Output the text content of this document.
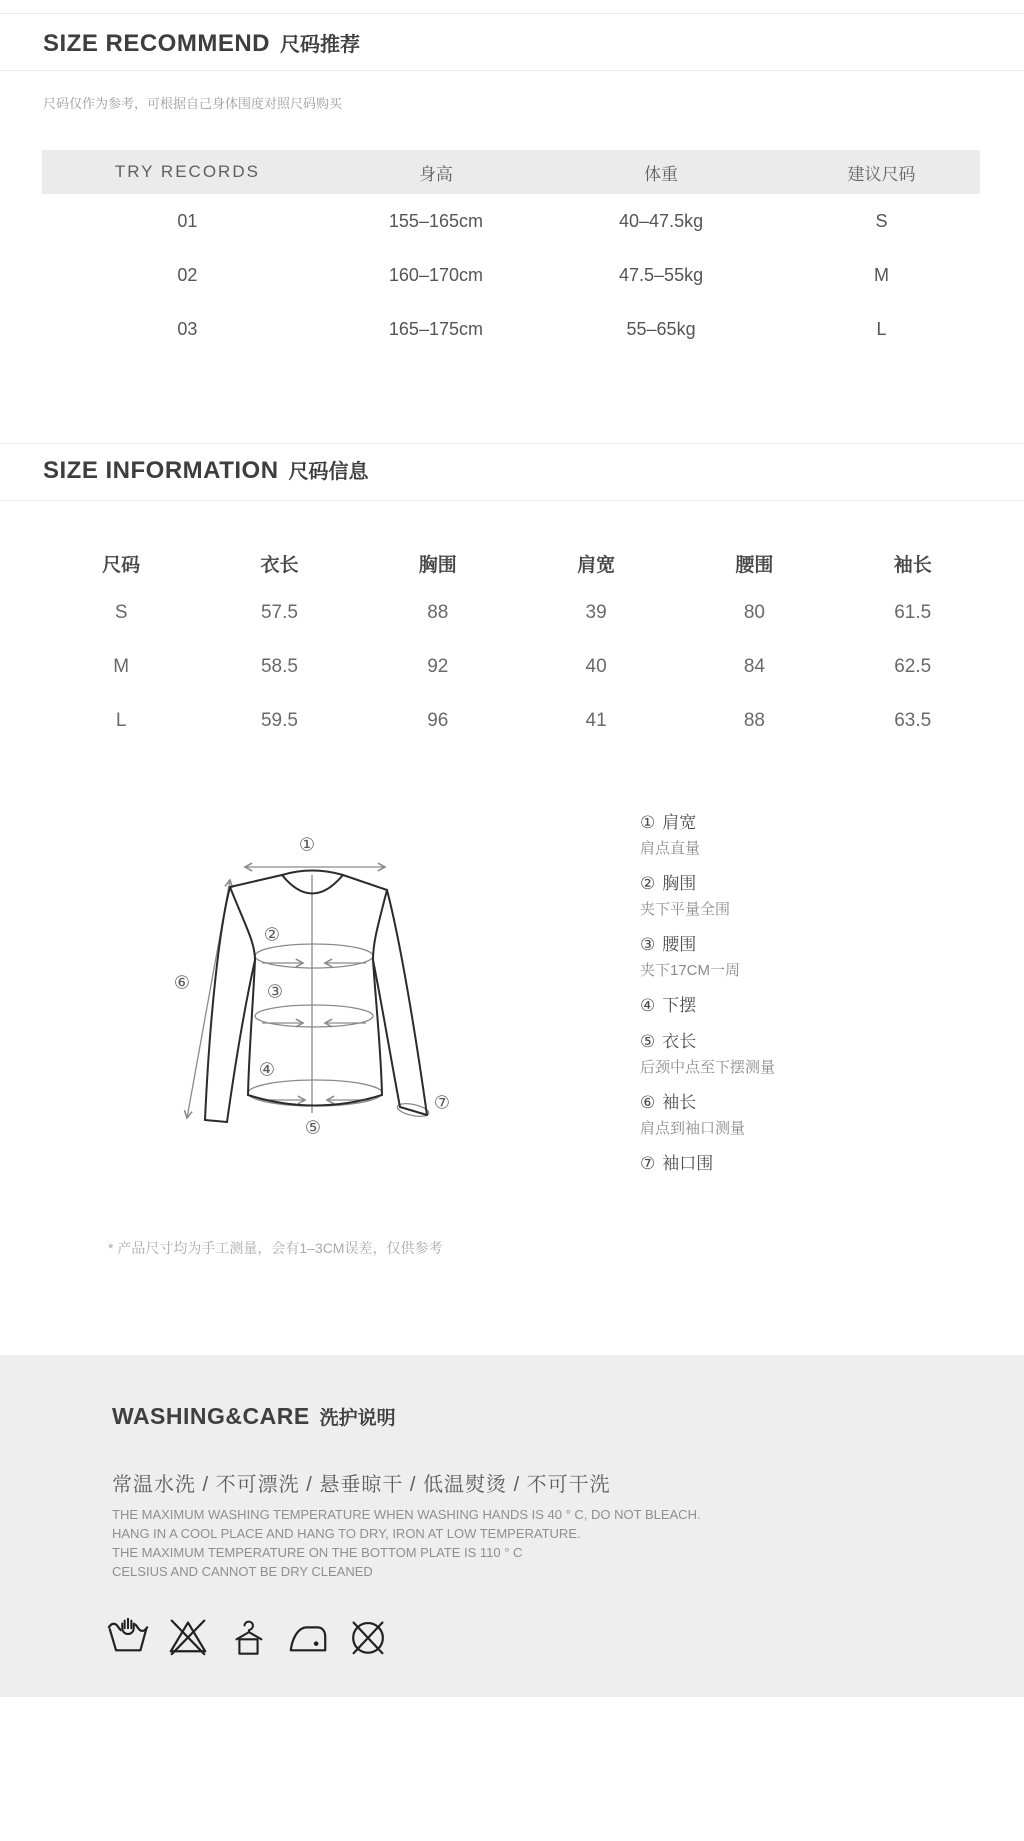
SIZE RECOMMEND 尺码推荐
尺码仅作为参考，可根据自己身体围度对照尺码购买
TRY RECORDS	身高	体重	建议尺码
01	155–165cm	40–47.5kg	S
02	160–170cm	47.5–55kg	M
03	165–175cm	55–65kg	L
SIZE INFORMATION 尺码信息
尺码	衣长	胸围	肩宽	腰围	袖长
S	57.5	88	39	80	61.5
M	58.5	92	40	84	62.5
L	59.5	96	41	88	63.5
①
②
③
④
⑤
⑥
⑦
① 肩宽
肩点直量
② 胸围
夹下平量全围
③ 腰围
夹下17CM一周
④ 下摆
⑤ 衣长
后颈中点至下摆测量
⑥ 袖长
肩点到袖口测量
⑦ 袖口围
* 产品尺寸均为手工测量，会有1–3CM误差，仅供参考
WASHING&CARE 洗护说明
常温水洗 / 不可漂洗 / 悬垂晾干 / 低温熨烫 / 不可干洗
THE MAXIMUM WASHING TEMPERATURE WHEN WASHING HANDS IS 40 ° C, DO NOT BLEACH.
HANG IN A COOL PLACE AND HANG TO DRY, IRON AT LOW TEMPERATURE.
THE MAXIMUM TEMPERATURE ON THE BOTTOM PLATE IS 110 ° C
CELSIUS AND CANNOT BE DRY CLEANED
